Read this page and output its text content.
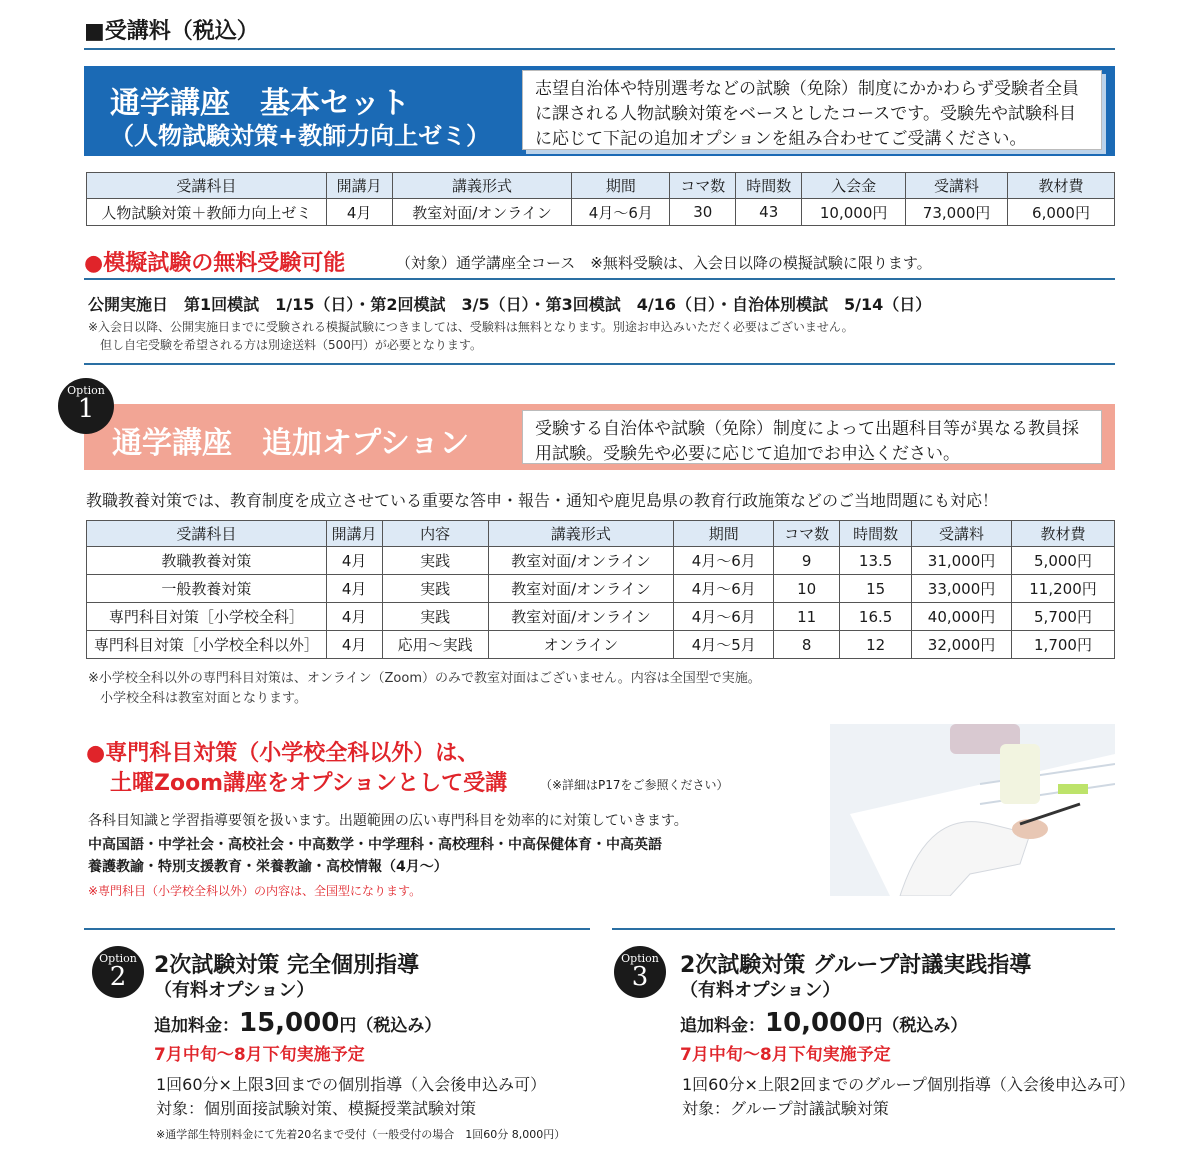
■受講料（税込）
通学講座　基本セット
（人物試験対策+教師力向上ゼミ）
志望自治体や特別選考などの試験（免除）制度にかかわらず受験者全員に課される人物試験対策をベースとしたコースです。受験先や試験科目に応じて下記の追加オプションを組み合わせてご受講ください。
受講科目	開講月	講義形式	期間	コマ数	時間数	入会金	受講料	教材費
人物試験対策＋教師力向上ゼミ	4月	教室対面/オンライン	4月〜6月	30	43	10,000円	73,000円	6,000円
●模擬試験の無料受験可能	（対象）通学講座全コース　※無料受験は、入会日以降の模擬試験に限ります。
公開実施日　第1回模試　1/15（日）・第2回模試　3/5（日）・第3回模試　4/16（日）・自治体別模試　5/14（日）
※入会日以降、公開実施日までに受験される模擬試験につきましては、受験料は無料となります。別途お申込みいただく必要はございません。
但し自宅受験を希望される方は別途送料（500円）が必要となります。
Option
1
通学講座　追加オプション	受験する自治体や試験（免除）制度によって出題科目等が異なる教員採用試験。受験先や必要に応じて追加でお申込ください。
教職教養対策では、教育制度を成立させている重要な答申・報告・通知や鹿児島県の教育行政施策などのご当地問題にも対応！
受講科目	開講月	内容	講義形式	期間	コマ数	時間数	受講料	教材費
教職教養対策	4月	実践	教室対面/オンライン	4月〜6月	9	13.5	31,000円	5,000円
一般教養対策	4月	実践	教室対面/オンライン	4月〜6月	10	15	33,000円	11,200円
専門科目対策［小学校全科］	4月	実践	教室対面/オンライン	4月〜6月	11	16.5	40,000円	5,700円
専門科目対策［小学校全科以外］	4月	応用〜実践	オンライン	4月〜5月	8	12	32,000円	1,700円
※小学校全科以外の専門科目対策は、オンライン（Zoom）のみで教室対面はございません。内容は全国型で実施。
小学校全科は教室対面となります。
●専門科目対策（小学校全科以外）は、
土曜Zoom講座をオプションとして受講	（※詳細はP17をご参照ください）
各科目知識と学習指導要領を扱います。出題範囲の広い専門科目を効率的に対策していきます。
中高国語・中学社会・高校社会・中高数学・中学理科・高校理科・中高保健体育・中高英語
養護教諭・特別支援教育・栄養教諭・高校情報（4月〜）
※専門科目（小学校全科以外）の内容は、全国型になります。
Option
2	2次試験対策 完全個別指導
（有料オプション）
追加料金：15,000円（税込み）
7月中旬〜8月下旬実施予定
1回60分×上限3回までの個別指導（入会後申込み可）
対象：個別面接試験対策、模擬授業試験対策
※通学部生特別料金にて先着20名まで受付（一般受付の場合　1回60分 8,000円）
Option
3	2次試験対策 グループ討議実践指導
（有料オプション）
追加料金：10,000円（税込み）
7月中旬〜8月下旬実施予定
1回60分×上限2回までのグループ個別指導（入会後申込み可）
対象：グループ討議試験対策
